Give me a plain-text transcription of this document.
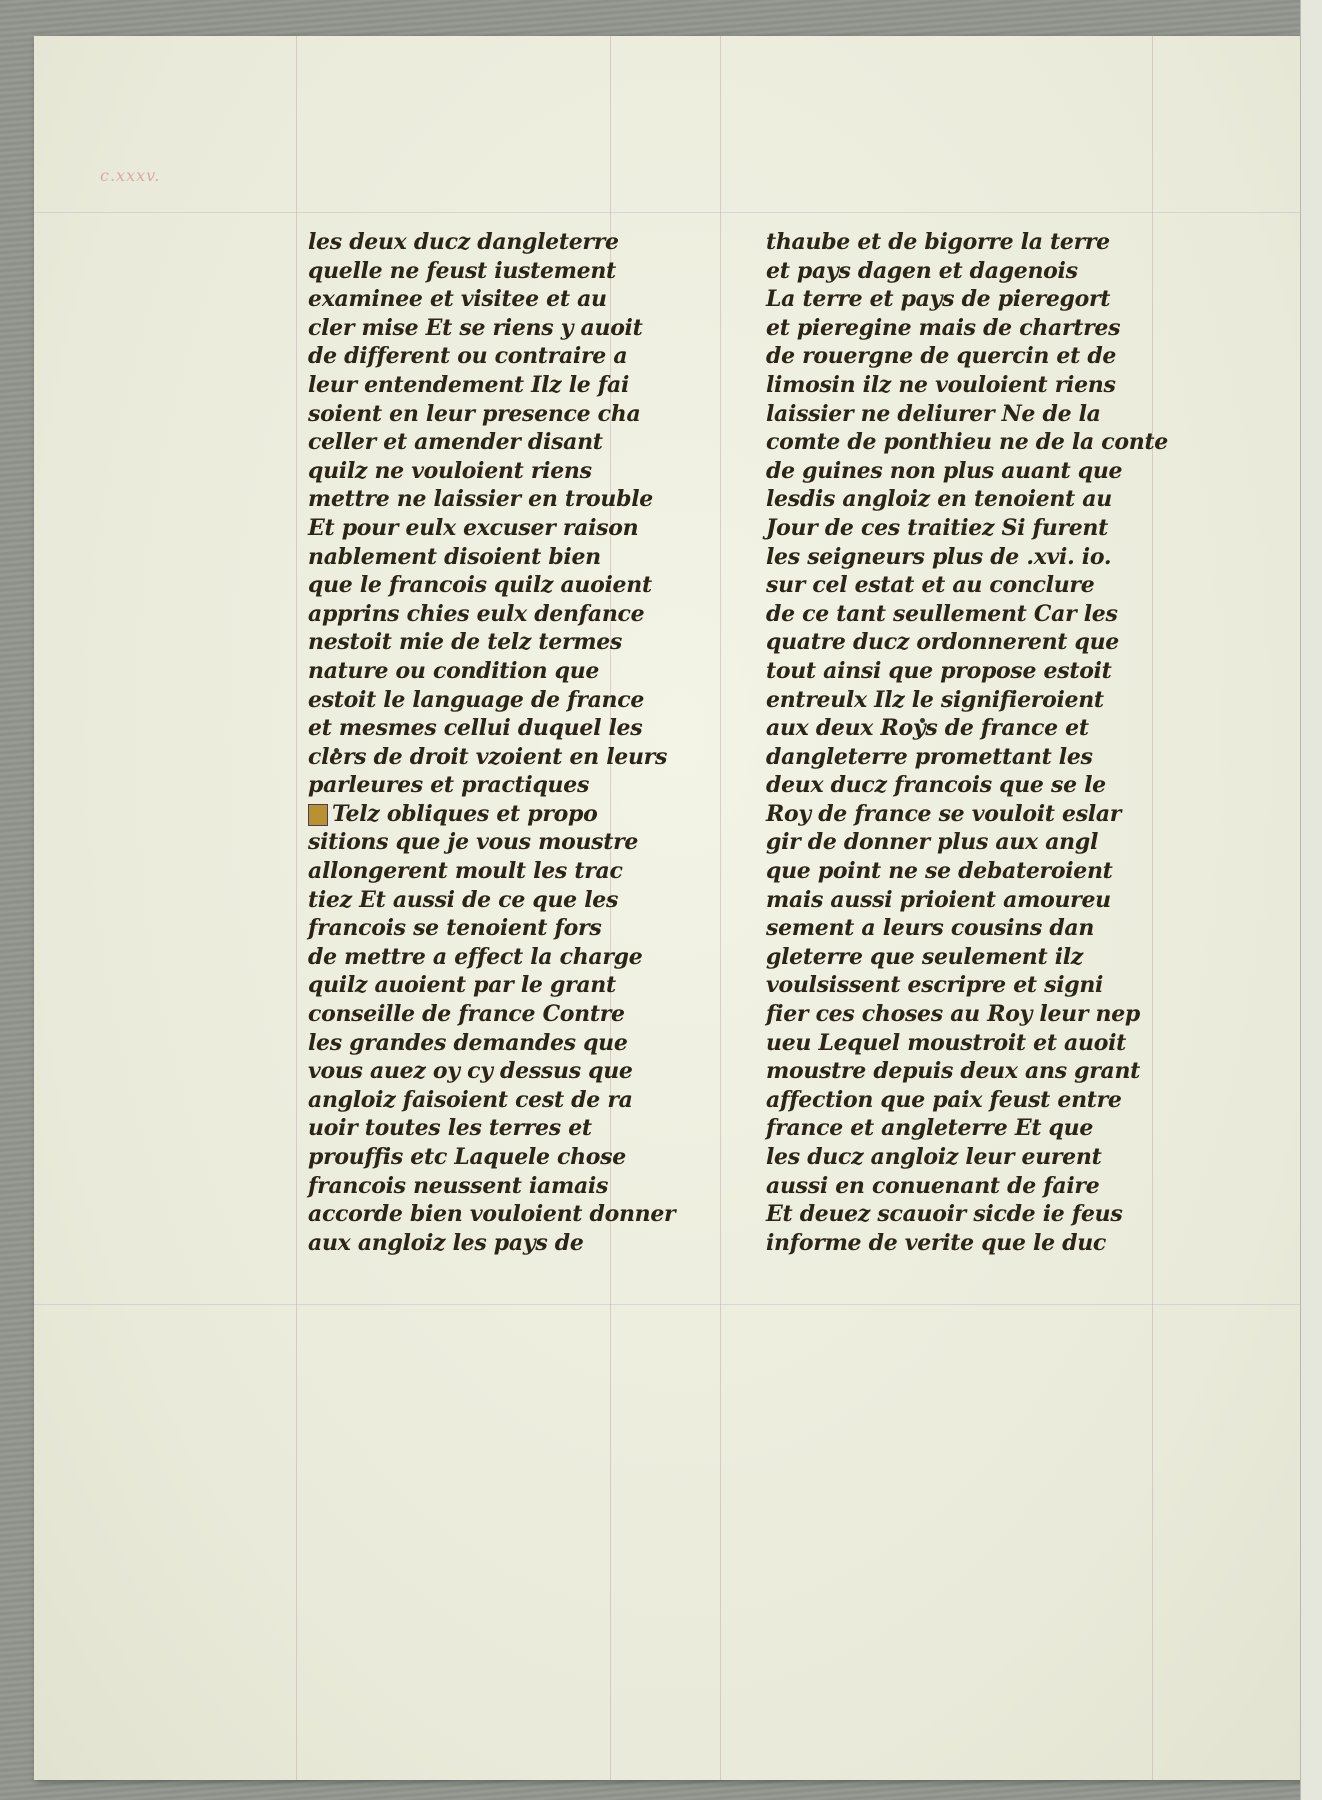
c.xxxv.
les deux ducz dangleterre
quelle ne feust iustement
examinee et visitee et au
cler mise Et se riens y auoit
de different ou contraire a
leur entendement Ilz le fai
soient en leur presence cha
celler et amender disant
quilz ne vouloient riens
mettre ne laissier en trouble
Et pour eulx excuser raison
nablement disoient bien
que le francois quilz auoient
apprins chies eulx denfance
nestoit mie de telz termes
nature ou condition que
estoit le language de france
et mesmes cellui duquel les
clers de droit vzoient en leurs
parleures et practiques
Telz obliques et propo
sitions que je vous moustre
allongerent moult les trac
tiez Et aussi de ce que les
francois se tenoient fors
de mettre a effect la charge
quilz auoient par le grant
conseille de france Contre
les grandes demandes que
vous auez oy cy dessus que
angloiz faisoient cest de ra
uoir toutes les terres et
prouffis etc Laquele chose
francois neussent iamais
accorde bien vouloient donner
aux angloiz les pays de
thaube et de bigorre la terre
et pays dagen et dagenois
La terre et pays de pieregort
et pieregine mais de chartres
de rouergne de quercin et de
limosin ilz ne vouloient riens
laissier ne deliurer Ne de la
comte de ponthieu ne de la conte
de guines non plus auant que
lesdis angloiz en tenoient au
Jour de ces traitiez Si furent
les seigneurs plus de .xvi. io.
sur cel estat et au conclure
de ce tant seullement Car les
quatre ducz ordonnerent que
tout ainsi que propose estoit
entreulx Ilz le signifieroient
aux deux Roys de france et
dangleterre promettant les
deux ducz francois que se le
Roy de france se vouloit eslar
gir de donner plus aux angl
que point ne se debateroient
mais aussi prioient amoureu
sement a leurs cousins dan
gleterre que seulement ilz
voulsissent escripre et signi
fier ces choses au Roy leur nep
ueu Lequel moustroit et auoit
moustre depuis deux ans grant
affection que paix feust entre
france et angleterre Et que
les ducz angloiz leur eurent
aussi en conuenant de faire
Et deuez scauoir sicde ie feus
informe de verite que le duc
